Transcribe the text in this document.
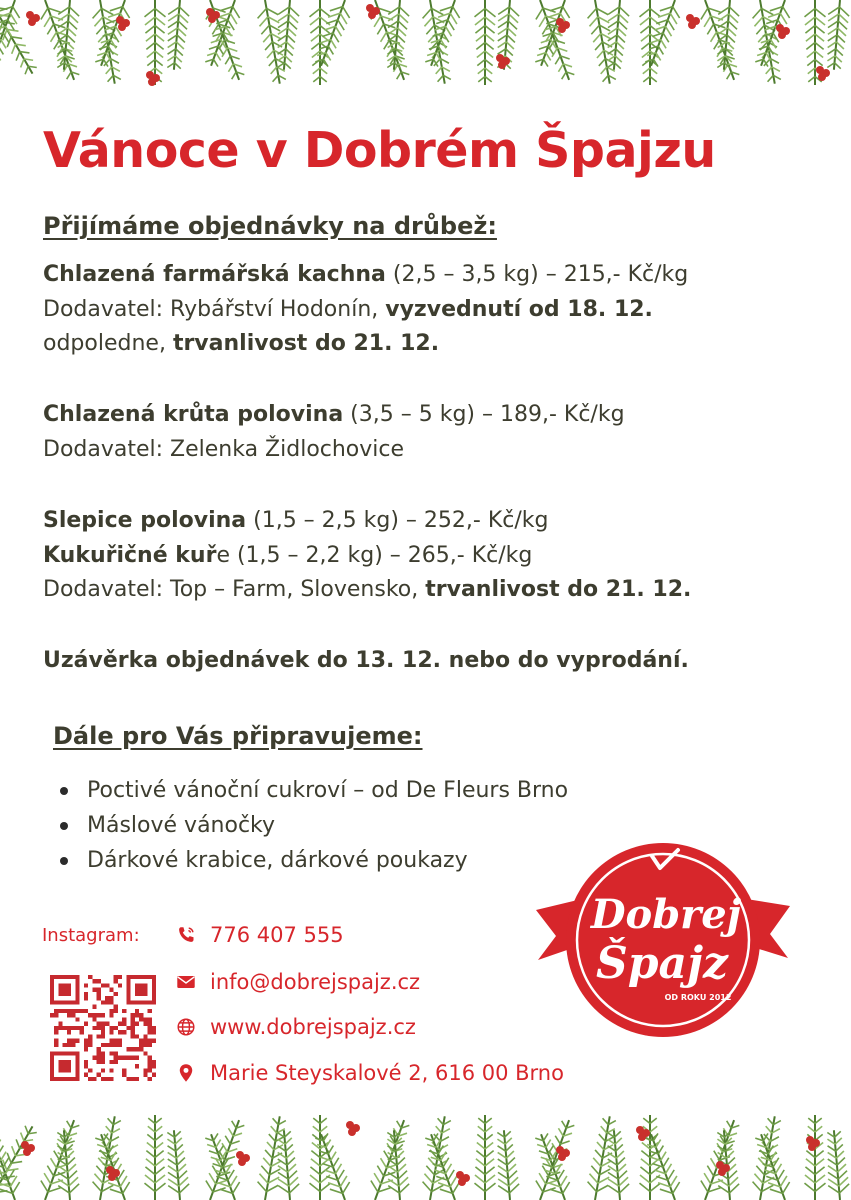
Vánoce v Dobrém Špajzu
Přijímáme objednávky na drůbež:

Chlazená farmářská kachna (2,5 – 3,5 kg) – 215,- Kč/kg

Dodavatel: Rybářství Hodonín, vyzvednutí od 18. 12.

odpoledne, trvanlivost do 21. 12.

Chlazená krůta polovina (3,5 – 5 kg) – 189,- Kč/kg

Dodavatel: Zelenka Židlochovice

Slepice polovina (1,5 – 2,5 kg) – 252,- Kč/kg

Kukuřičné kuře (1,5 – 2,2 kg) – 265,- Kč/kg

Dodavatel: Top – Farm, Slovensko, trvanlivost do 21. 12.

Uzávěrka objednávek do 13. 12. nebo do vyprodání.

Dále pro Vás připravujeme:
Poctivé vánoční cukroví – od De Fleurs Brno
Máslové vánočky
Dárkové krabice, dárkové poukazy
Instagram:	776 407 555
info@dobrejspajz.cz
www.dobrejspajz.cz
Marie Steyskalové 2, 616 00 Brno
Dobrej
Špajz
OD ROKU 2012
